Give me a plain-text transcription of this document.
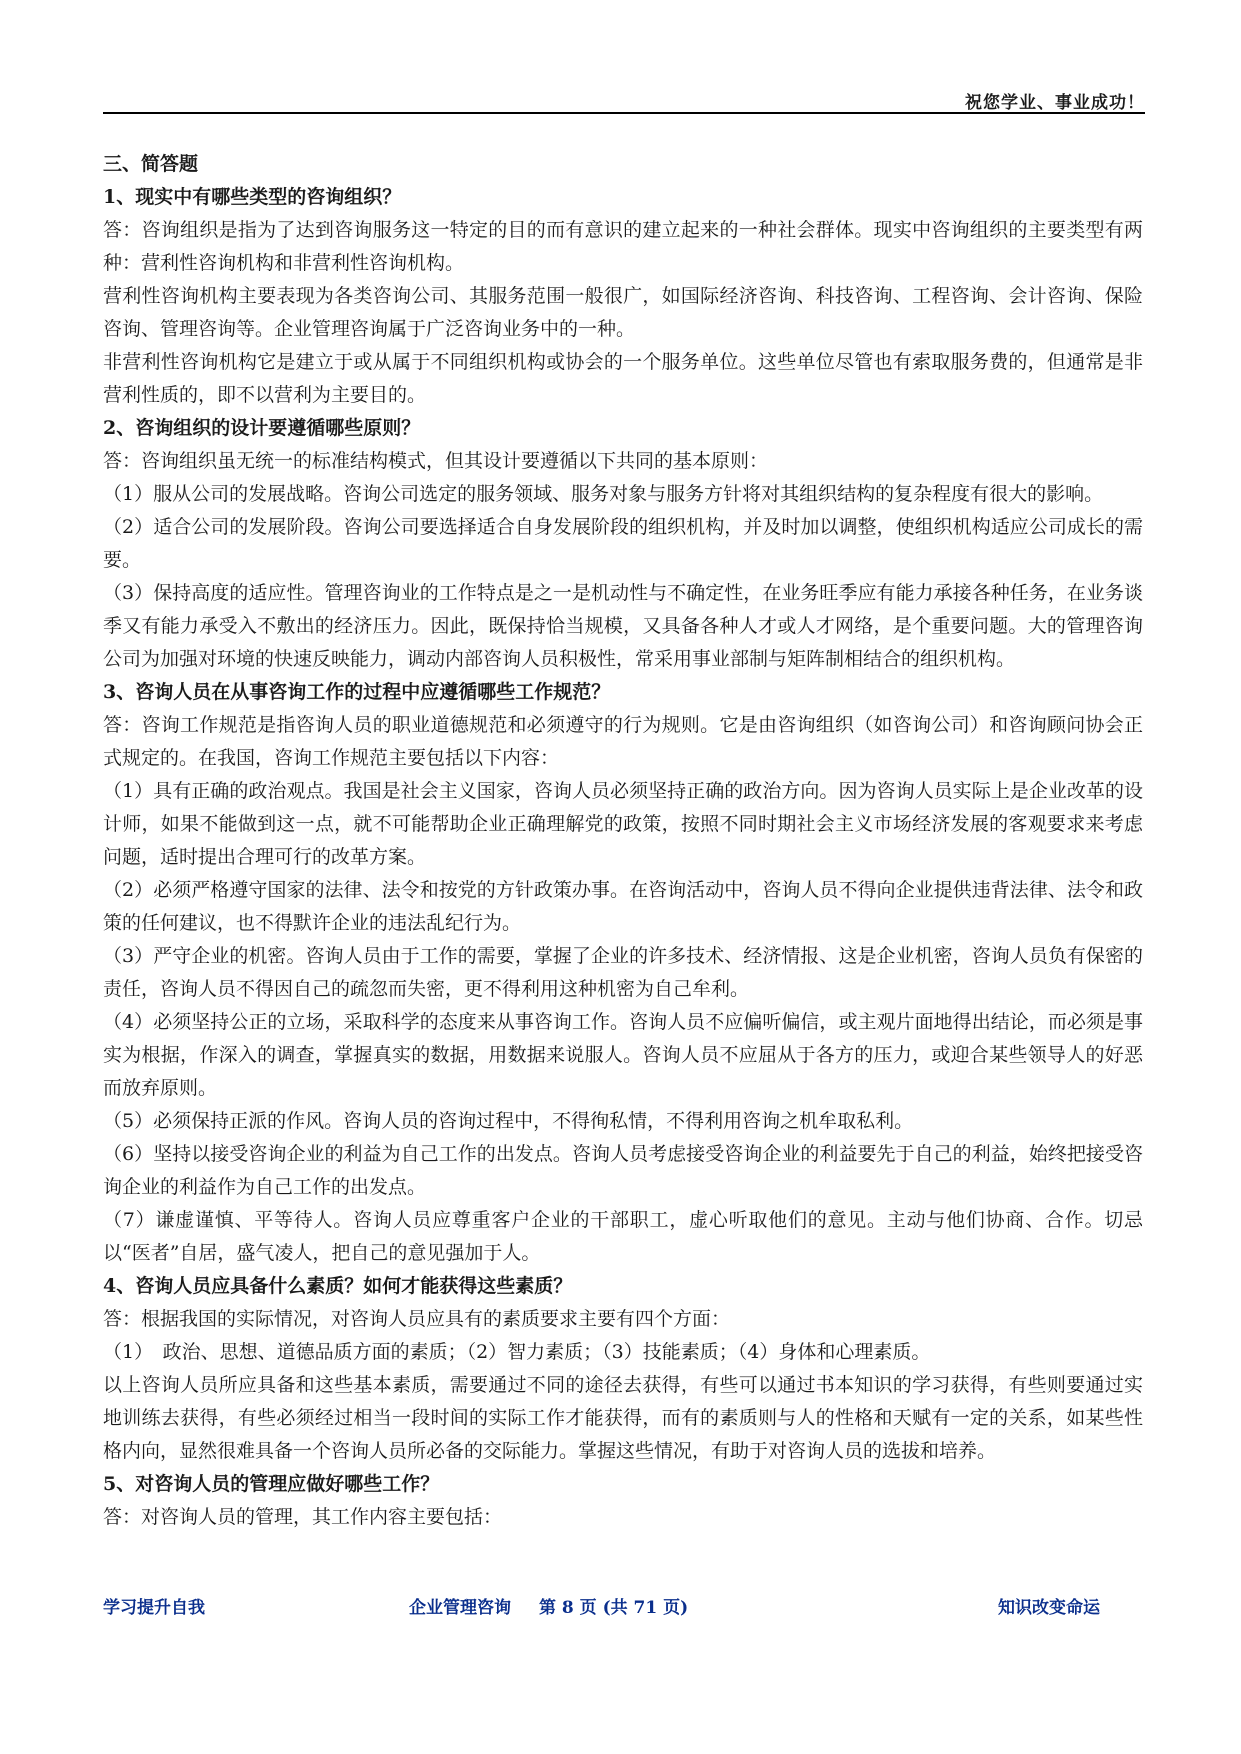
祝您学业、事业成功！

三、简答题

1、现实中有哪些类型的咨询组织？

答：咨询组织是指为了达到咨询服务这一特定的目的而有意识的建立起来的一种社会群体。现实中咨询组织的主要类型有两种：营利性咨询机构和非营利性咨询机构。

营利性咨询机构主要表现为各类咨询公司、其服务范围一般很广，如国际经济咨询、科技咨询、工程咨询、会计咨询、保险咨询、管理咨询等。企业管理咨询属于广泛咨询业务中的一种。

非营利性咨询机构它是建立于或从属于不同组织机构或协会的一个服务单位。这些单位尽管也有索取服务费的，但通常是非营利性质的，即不以营利为主要目的。

2、咨询组织的设计要遵循哪些原则？

答：咨询组织虽无统一的标准结构模式，但其设计要遵循以下共同的基本原则：

（1）服从公司的发展战略。咨询公司选定的服务领域、服务对象与服务方针将对其组织结构的复杂程度有很大的影响。

（2）适合公司的发展阶段。咨询公司要选择适合自身发展阶段的组织机构，并及时加以调整，使组织机构适应公司成长的需要。

（3）保持高度的适应性。管理咨询业的工作特点是之一是机动性与不确定性，在业务旺季应有能力承接各种任务，在业务谈季又有能力承受入不敷出的经济压力。因此，既保持恰当规模，又具备各种人才或人才网络，是个重要问题。大的管理咨询公司为加强对环境的快速反映能力，调动内部咨询人员积极性，常采用事业部制与矩阵制相结合的组织机构。

3、咨询人员在从事咨询工作的过程中应遵循哪些工作规范？

答：咨询工作规范是指咨询人员的职业道德规范和必须遵守的行为规则。它是由咨询组织（如咨询公司）和咨询顾问协会正式规定的。在我国，咨询工作规范主要包括以下内容：

（1）具有正确的政治观点。我国是社会主义国家，咨询人员必须坚持正确的政治方向。因为咨询人员实际上是企业改革的设计师，如果不能做到这一点，就不可能帮助企业正确理解党的政策，按照不同时期社会主义市场经济发展的客观要求来考虑问题，适时提出合理可行的改革方案。

（2）必须严格遵守国家的法律、法令和按党的方针政策办事。在咨询活动中，咨询人员不得向企业提供违背法律、法令和政策的任何建议，也不得默许企业的违法乱纪行为。

（3）严守企业的机密。咨询人员由于工作的需要，掌握了企业的许多技术、经济情报、这是企业机密，咨询人员负有保密的责任，咨询人员不得因自己的疏忽而失密，更不得利用这种机密为自己牟利。

（4）必须坚持公正的立场，采取科学的态度来从事咨询工作。咨询人员不应偏听偏信，或主观片面地得出结论，而必须是事实为根据，作深入的调查，掌握真实的数据，用数据来说服人。咨询人员不应屈从于各方的压力，或迎合某些领导人的好恶而放弃原则。

（5）必须保持正派的作风。咨询人员的咨询过程中，不得徇私情，不得利用咨询之机牟取私利。

（6）坚持以接受咨询企业的利益为自己工作的出发点。咨询人员考虑接受咨询企业的利益要先于自己的利益，始终把接受咨询企业的利益作为自己工作的出发点。

（7）谦虚谨慎、平等待人。咨询人员应尊重客户企业的干部职工，虚心听取他们的意见。主动与他们协商、合作。切忌以“医者”自居，盛气凌人，把自己的意见强加于人。

4、咨询人员应具备什么素质？如何才能获得这些素质？

答：根据我国的实际情况，对咨询人员应具有的素质要求主要有四个方面：

（1）　政治、思想、道德品质方面的素质；（2）智力素质；（3）技能素质；（4）身体和心理素质。

以上咨询人员所应具备和这些基本素质，需要通过不同的途径去获得，有些可以通过书本知识的学习获得，有些则要通过实地训练去获得，有些必须经过相当一段时间的实际工作才能获得，而有的素质则与人的性格和天赋有一定的关系，如某些性格内向，显然很难具备一个咨询人员所必备的交际能力。掌握这些情况，有助于对咨询人员的选拔和培养。

5、对咨询人员的管理应做好哪些工作？

答：对咨询人员的管理，其工作内容主要包括：

学习提升自我	企业管理咨询 第 8 页 (共 71 页)	知识改变命运
